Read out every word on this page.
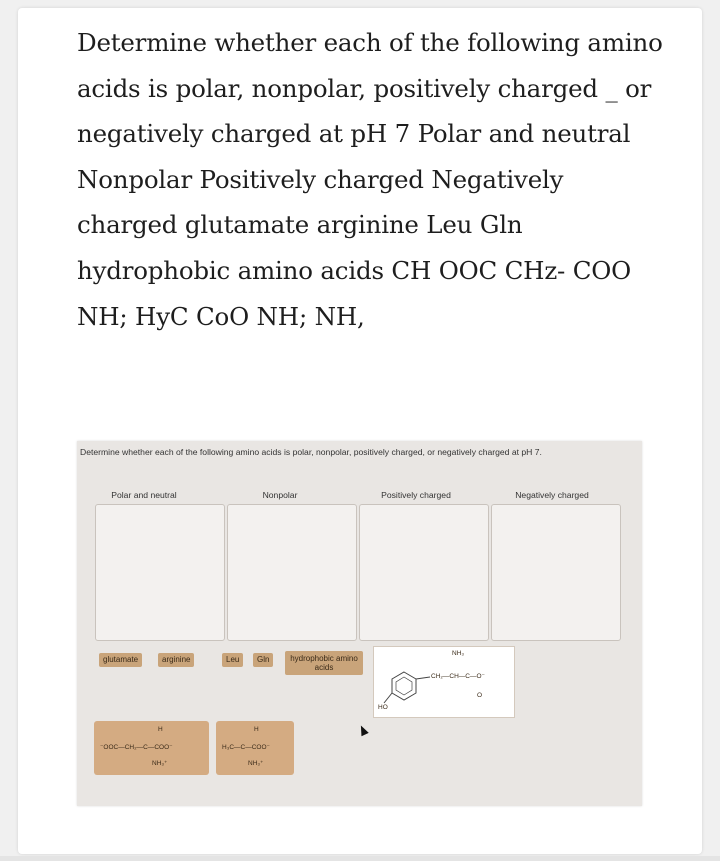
Determine whether each of the following amino acids is polar, nonpolar, positively charged _ or negatively charged at pH 7 Polar and neutral Nonpolar Positively charged Negatively charged glutamate arginine Leu Gln hydrophobic amino acids CH OOC CHz- COO NH; HyC CoO NH; NH,

Determine whether each of the following amino acids is polar, nonpolar, positively charged, or negatively charged at pH 7.
Polar and neutral	Nonpolar	Positively charged	Negatively charged
glutamate	arginine	Leu	Gln	hydrophobic amino acids
NH₃
CH₂—CH—C—O⁻
O
HO
H
⁻OOC—CH₂—C—COO⁻
NH₃⁺
H
H₃C—C—COO⁻
NH₃⁺
